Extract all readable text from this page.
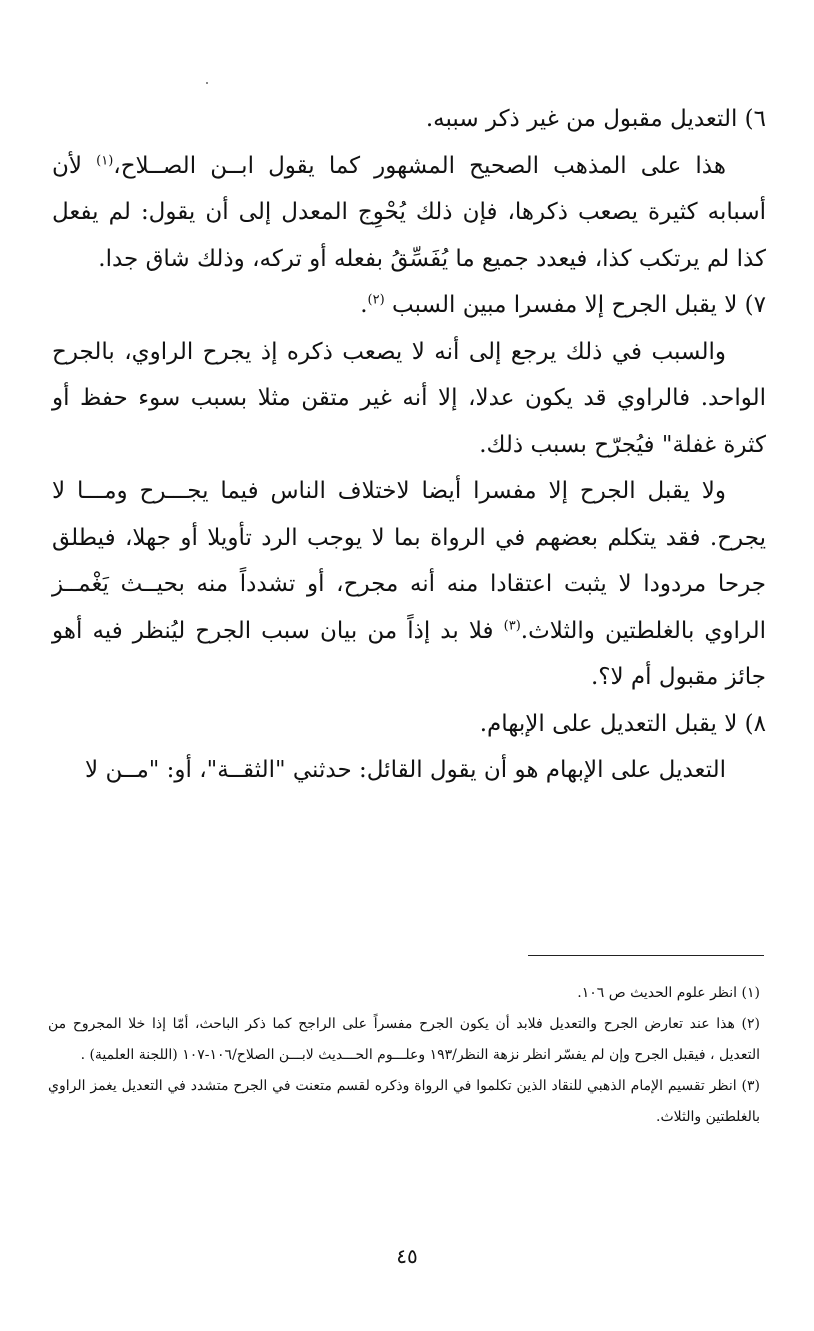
٦) التعديل مقبول من غير ذكر سببه.

هذا على المذهب الصحيح المشهور كما يقول ابــن الصــلاح،$^{(١)}$ لأن أسبابه كثيرة يصعب ذكرها، فإن ذلك يُحْوِج المعدل إلى أن يقول: لم يفعل كذا لم يرتكب كذا، فيعدد جميع ما يُفَسِّقُ بفعله أو تركه، وذلك شاق جدا.

٧) لا يقبل الجرح إلا مفسرا مبين السبب $^{(٢)}$.

والسبب في ذلك يرجع إلى أنه لا يصعب ذكره إذ يجرح الراوي، بالجرح الواحد. فالراوي قد يكون عدلا، إلا أنه غير متقن مثلا بسبب سوء حفظ أو كثرة غفلة" فيُجرّح بسبب ذلك.

ولا يقبل الجرح إلا مفسرا أيضا لاختلاف الناس فيما يجـــرح ومـــا لا يجرح. فقد يتكلم بعضهم في الرواة بما لا يوجب الرد تأويلا أو جهلا، فيطلق جرحا مردودا لا يثبت اعتقادا منه أنه مجرح، أو تشدداً منه بحيــث يَغْمــز الراوي بالغلطتين والثلاث.$^{(٣)}$ فلا بد إذاً من بيان سبب الجرح ليُنظر فيه أهو جائز مقبول أم لا؟.

٨) لا يقبل التعديل على الإبهام.

التعديل على الإبهام هو أن يقول القائل: حدثني "الثقــة"، أو: "مــن لا

(١) انظر علوم الحديث ص ١٠٦.

(٢) هذا عند تعارض الجرح والتعديل فلابد أن يكون الجرح مفسراً على الراجح كما ذكر الباحث، أمّا إذا خلا المجروح من التعديل ، فيقبل الجرح وإن لم يفسّر انظر نزهة النظر/١٩٣ وعلـــوم الحـــديث لابـــن الصلاح/١٠٦-١٠٧ (اللجنة العلمية) .

(٣) انظر تقسيم الإمام الذهبي للنقاد الذين تكلموا في الرواة وذكره لقسم متعنت في الجرح متشدد في التعديل يغمز الراوي بالغلطتين والثلاث.

٤٥
